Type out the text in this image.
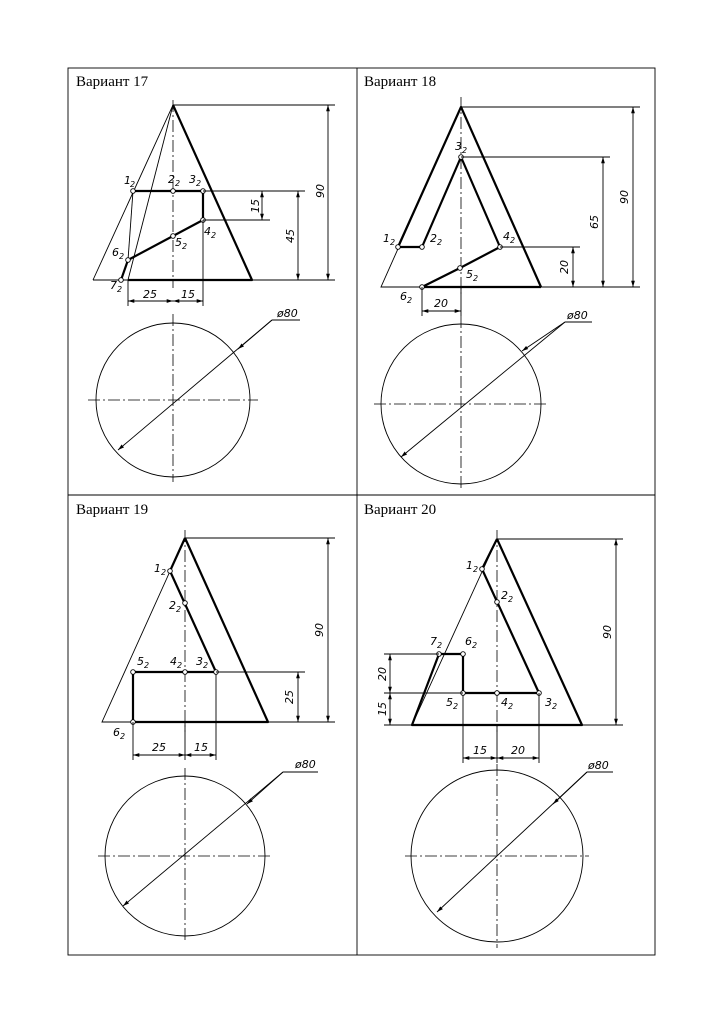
Вариант 17
1	2 3
4
5
6
7
2	2 2
2
2
2
2
15
45
90
25 15
ø80
Вариант 18
1	2
3
4
5
6
2	2
2
2
2
2
20
65
90
20
ø80
Вариант 19
1
2
3
4
5
6
2
2
2
2
2
2
25
90
25	15
ø80
Вариант 20
1
2
3
4
5
6
7
2
2
2
2
2
2
2
20
15
90
15 20
ø80
